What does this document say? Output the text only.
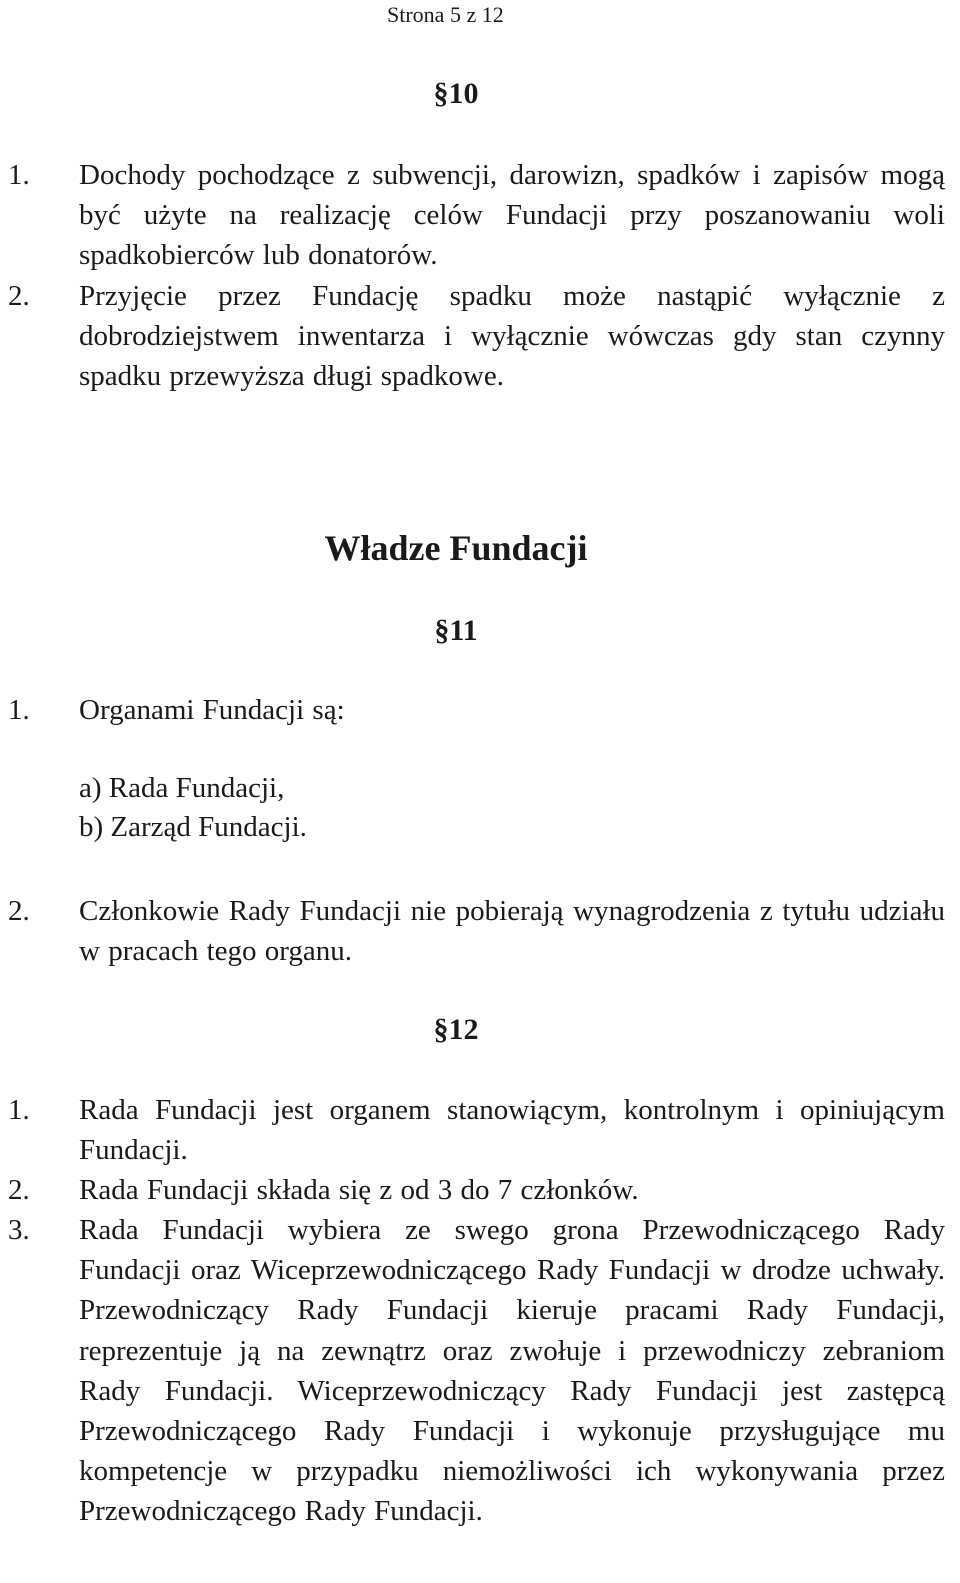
Strona 5 z 12
§10
1. Dochody pochodzące z subwencji, darowizn, spadków i zapisów mogą być użyte na realizację celów Fundacji przy poszanowaniu woli spadkobierców lub donatorów.
2. Przyjęcie przez Fundację spadku może nastąpić wyłącznie z dobrodziejstwem inwentarza i wyłącznie wówczas gdy stan czynny spadku przewyższa długi spadkowe.
Władze Fundacji
§11
1. Organami Fundacji są:
a) Rada Fundacji,
b) Zarząd Fundacji.
2. Członkowie Rady Fundacji nie pobierają wynagrodzenia z tytułu udziału w pracach tego organu.
§12
1. Rada Fundacji jest organem stanowiącym, kontrolnym i opiniującym Fundacji.
2. Rada Fundacji składa się z od 3 do 7 członków.
3. Rada Fundacji wybiera ze swego grona Przewodniczącego Rady Fundacji oraz Wiceprzewodniczącego Rady Fundacji w drodze uchwały. Przewodniczący Rady Fundacji kieruje pracami Rady Fundacji, reprezentuje ją na zewnątrz oraz zwołuje i przewodniczy zebraniom Rady Fundacji. Wiceprzewodniczący Rady Fundacji jest zastępcą Przewodniczącego Rady Fundacji i wykonuje przysługujące mu kompetencje w przypadku niemożliwości ich wykonywania przez Przewodniczącego Rady Fundacji.
